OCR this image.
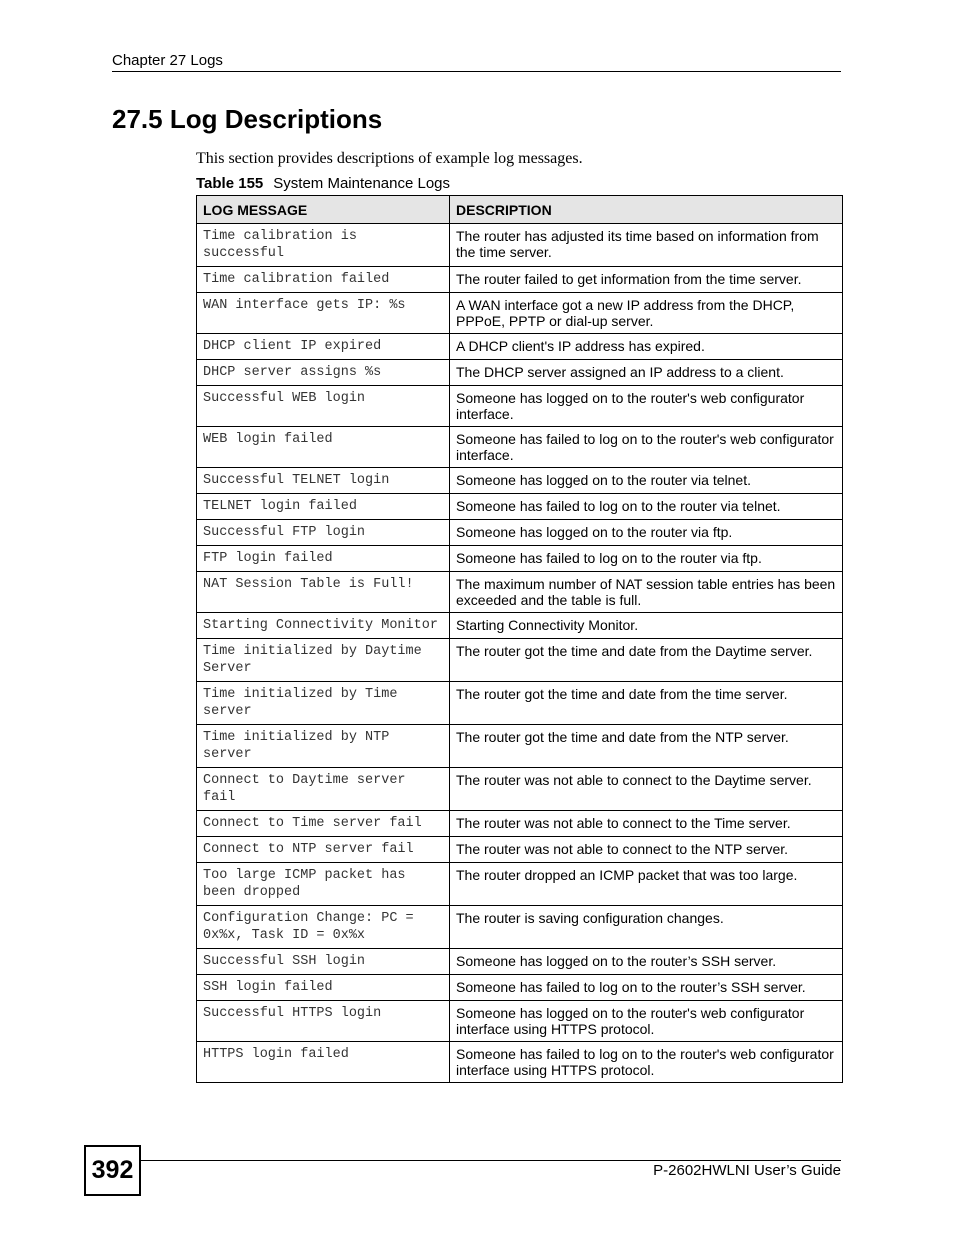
Chapter 27 Logs
27.5 Log Descriptions
This section provides descriptions of example log messages.
Table 155 System Maintenance Logs
LOG MESSAGE	DESCRIPTION
Time calibration is successful	The router has adjusted its time based on information from the time server.
Time calibration failed	The router failed to get information from the time server.
WAN interface gets IP: %s	A WAN interface got a new IP address from the DHCP, PPPoE, PPTP or dial-up server.
DHCP client IP expired	A DHCP client's IP address has expired.
DHCP server assigns %s	The DHCP server assigned an IP address to a client.
Successful WEB login	Someone has logged on to the router's web configurator interface.
WEB login failed	Someone has failed to log on to the router's web configurator interface.
Successful TELNET login	Someone has logged on to the router via telnet.
TELNET login failed	Someone has failed to log on to the router via telnet.
Successful FTP login	Someone has logged on to the router via ftp.
FTP login failed	Someone has failed to log on to the router via ftp.
NAT Session Table is Full!	The maximum number of NAT session table entries has been exceeded and the table is full.
Starting Connectivity Monitor	Starting Connectivity Monitor.
Time initialized by Daytime Server	The router got the time and date from the Daytime server.
Time initialized by Time server	The router got the time and date from the time server.
Time initialized by NTP server	The router got the time and date from the NTP server.
Connect to Daytime server fail	The router was not able to connect to the Daytime server.
Connect to Time server fail	The router was not able to connect to the Time server.
Connect to NTP server fail	The router was not able to connect to the NTP server.
Too large ICMP packet has been dropped	The router dropped an ICMP packet that was too large.
Configuration Change: PC = 0x%x, Task ID = 0x%x	The router is saving configuration changes.
Successful SSH login	Someone has logged on to the router’s SSH server.
SSH login failed	Someone has failed to log on to the router’s SSH server.
Successful HTTPS login	Someone has logged on to the router's web configurator interface using HTTPS protocol.
HTTPS login failed	Someone has failed to log on to the router's web configurator interface using HTTPS protocol.
392	P-2602HWLNI User’s Guide
